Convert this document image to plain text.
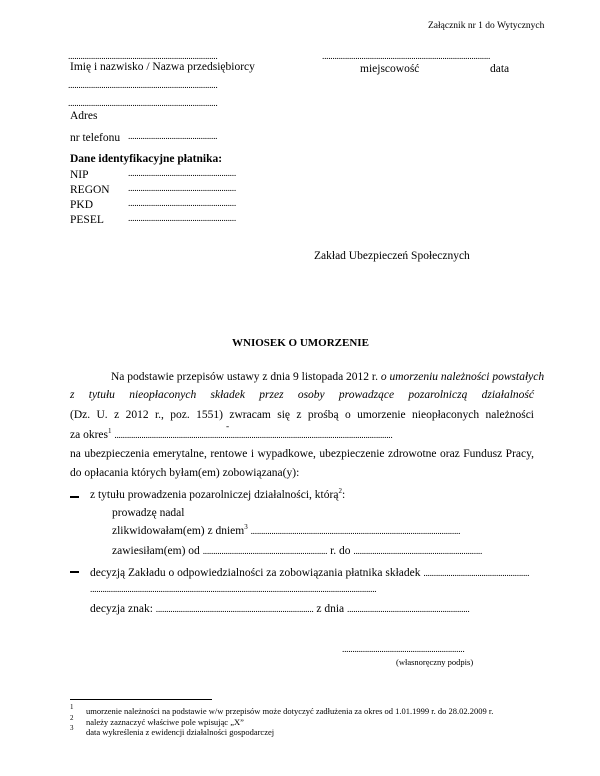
Załącznik nr 1 do Wytycznych
........................................................................
Imię i nazwisko / Nazwa przedsiębiorcy
.................................................................................
miejscowość	data
........................................................................
........................................................................
Adres
nr telefonu ...........................................
Dane identyfikacyjne płatnika:
NIP	....................................................
REGON ....................................................
PKD	....................................................
PESEL	....................................................
Zakład Ubezpieczeń Społecznych
WNIOSEK O UMORZENIE
Na podstawie przepisów ustawy z dnia 9 listopada 2012 r. o umorzeniu należności powstałych
z tytułu nieopłaconych składek przez osoby prowadzące pozarolniczą działalność
(Dz. U. z 2012 r., poz. 1551) zwracam się z prośbą o umorzenie nieopłaconych należności
za okres$^1$ ......................................................................................................................................
-
na ubezpieczenia emerytalne, rentowe i wypadkowe, ubezpieczenie zdrowotne oraz Fundusz Pracy,
do opłacania których byłam(em) zobowiązana(y):
z tytułu prowadzenia pozarolniczej działalności, którą$^2$:
prowadzę nadal
zlikwidowałam(em) z dniem$^3$ .....................................................................................................
zawiesiłam(em) od ............................................................ r. do ..............................................................
decyzją Zakładu o odpowiedzialności za zobowiązania płatnika składek ...................................................
..........................................................................................................................................
decyzja znak: ............................................................................ z dnia ...........................................................
...........................................................
(własnoręczny podpis)
$^1$ umorzenie należności na podstawie w/w przepisów może dotyczyć zadłużenia za okres od 1.01.1999 r. do 28.02.2009 r.
$^2$ należy zaznaczyć właściwe pole wpisując „X”
$^3$ data wykreślenia z ewidencji działalności gospodarczej
